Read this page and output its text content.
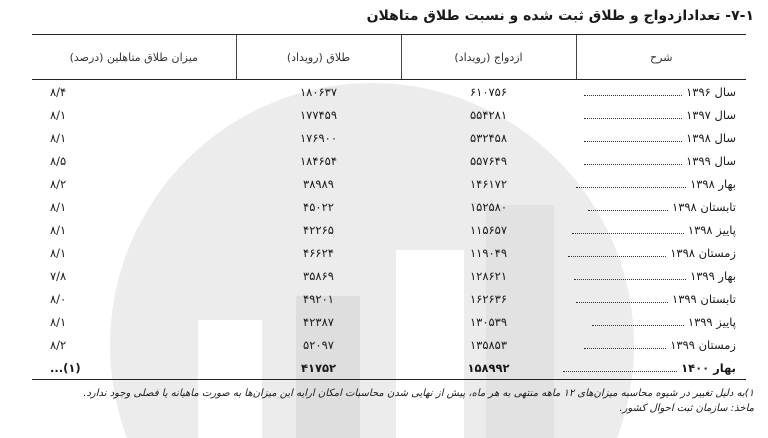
۷-۱- تعدادازدواج و طلاق ثبت شده و نسبت طلاق متاهلان
شرح	ازدواج (رویداد)	طلاق (رویداد)	میزان طلاق متاهلین (درصد)
سال ۱۳۹۶	۶۱۰۷۵۶	۱۸۰۶۳۷	۸/۴
سال ۱۳۹۷	۵۵۴۲۸۱	۱۷۷۴۵۹	۸/۱
سال ۱۳۹۸	۵۳۲۴۵۸	۱۷۶۹۰۰	۸/۱
سال ۱۳۹۹	۵۵۷۶۴۹	۱۸۴۶۵۴	۸/۵
بهار ۱۳۹۸	۱۴۶۱۷۲	۳۸۹۸۹	۸/۲
تابستان ۱۳۹۸	۱۵۲۵۸۰	۴۵۰۲۲	۸/۱
پاییز ۱۳۹۸	۱۱۵۶۵۷	۴۲۲۶۵	۸/۱
زمستان ۱۳۹۸	۱۱۹۰۴۹	۴۶۶۲۴	۸/۱
بهار ۱۳۹۹	۱۲۸۶۲۱	۳۵۸۶۹	۷/۸
تابستان ۱۳۹۹	۱۶۲۶۳۶	۴۹۲۰۱	۸/۰
پاییز ۱۳۹۹	۱۳۰۵۳۹	۴۲۳۸۷	۸/۱
زمستان ۱۳۹۹	۱۳۵۸۵۳	۵۲۰۹۷	۸/۲
بهار ۱۴۰۰	۱۵۸۹۹۲	۴۱۷۵۲	(۱)...
۱)به دلیل تغییر در شیوه محاسبه میزان‌های ۱۲ ماهه منتهی به هر ماه، پیش از نهایی شدن محاسبات امکان ارایه این میزان‌ها به صورت ماهیانه یا فصلی وجود ندارد.
ماخذ: سازمان ثبت احوال کشور.
